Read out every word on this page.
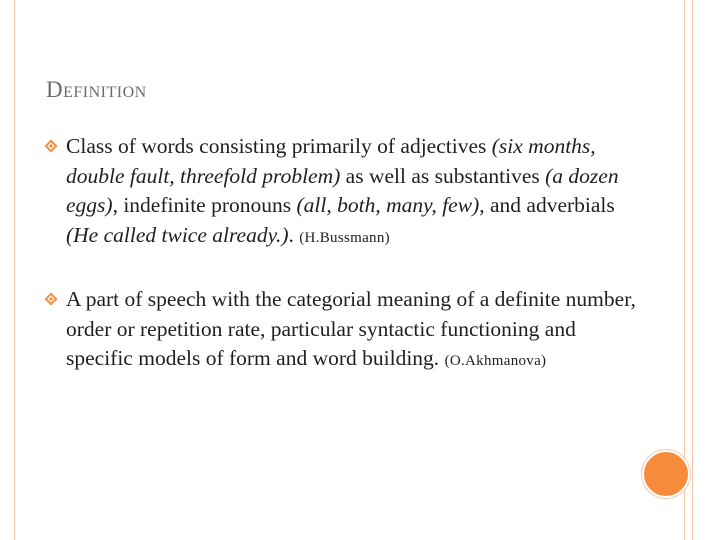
Definition
Class of words consisting primarily of adjectives (six months, double fault, threefold problem) as well as substantives (a dozen eggs), indefinite pronouns (all, both, many, few), and adverbials (He called twice already.). (H.Bussmann)
A part of speech with the categorial meaning of a definite number, order or repetition rate, particular syntactic functioning and specific models of form and word building. (O.Akhmanova)
